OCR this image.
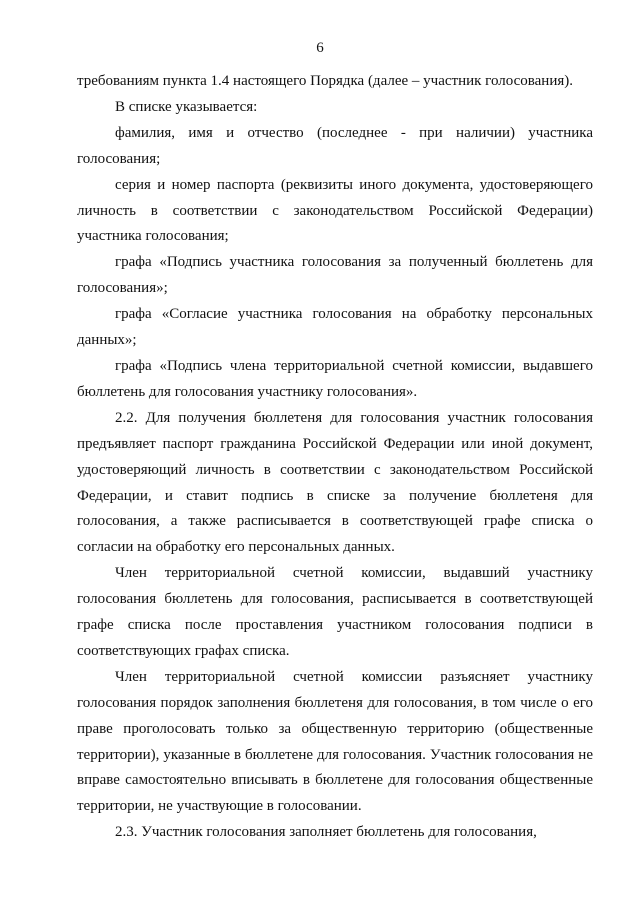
6

требованиям пункта 1.4 настоящего Порядка (далее – участник голосования).

В списке указывается:

фамилия, имя и отчество (последнее - при наличии) участника голосования;

серия и номер паспорта (реквизиты иного документа, удостоверяющего личность в соответствии с законодательством Российской Федерации) участника голосования;

графа «Подпись участника голосования за полученный бюллетень для голосования»;

графа «Согласие участника голосования на обработку персональных данных»;

графа «Подпись члена территориальной счетной комиссии, выдавшего бюллетень для голосования участнику голосования».

2.2. Для получения бюллетеня для голосования участник голосования предъявляет паспорт гражданина Российской Федерации или иной документ, удостоверяющий личность в соответствии с законодательством Российской Федерации, и ставит подпись в списке за получение бюллетеня для голосования, а также расписывается в соответствующей графе списка о согласии на обработку его персональных данных.

Член территориальной счетной комиссии, выдавший участнику голосования бюллетень для голосования, расписывается в соответствующей графе списка после проставления участником голосования подписи в соответствующих графах списка.

Член территориальной счетной комиссии разъясняет участнику голосования порядок заполнения бюллетеня для голосования, в том числе о его праве проголосовать только за общественную территорию (общественные территории), указанные в бюллетене для голосования. Участник голосования не вправе самостоятельно вписывать в бюллетене для голосования общественные территории, не участвующие в голосовании.

2.3. Участник голосования заполняет бюллетень для голосования,
